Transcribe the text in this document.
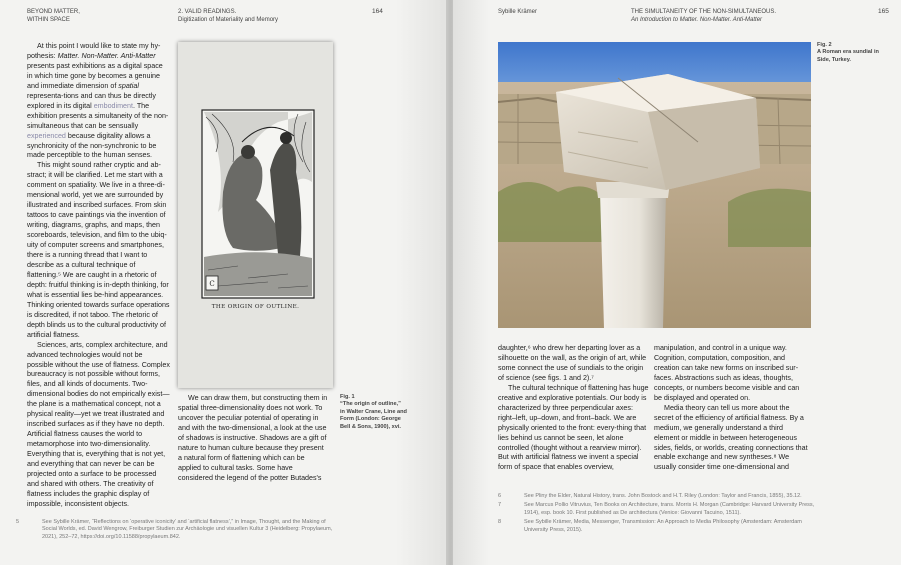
BEYOND MATTER,
WITHIN SPACE
2. VALID READINGS.
Digitization of Materiality and Memory
164

At this point I would like to state my hy-pothesis: Matter. Non-Matter. Anti-Matter presents past exhibitions as a digital space in which time gone by becomes a genuine and immediate dimension of spatial representa-tions and can thus be directly explored in its digital embodiment. The exhibition presents a simultaneity of the non-simultaneous that can be sensually experienced because digitality allows a synchronicity of the non-synchronic to be made perceptible to the human senses.

This might sound rather cryptic and ab-stract; it will be clarified. Let me start with a comment on spatiality. We live in a three-di-mensional world, yet we are surrounded by illustrated and inscribed surfaces. From skin tattoos to cave paintings via the invention of writing, diagrams, graphs, and maps, then scoreboards, television, and film to the ubiq-uity of computer screens and smartphones, there is a running thread that I want to describe as a cultural technique of flattening.⁵ We are caught in a rhetoric of depth: fruitful thinking is in-depth thinking, for what is essential lies be-hind appearances. Thinking oriented towards surface operations is discredited, if not taboo. The rhetoric of depth blinds us to the cultural productivity of artificial flatness.

Sciences, arts, complex architecture, and advanced technologies would not be possible without the use of flatness. Complex bureaucracy is not possible without forms, files, and all kinds of documents. Two-dimensional bodies do not empirically exist—the plane is a mathematical concept, not a physical reality—yet we treat illustrated and inscribed surfaces as if they have no depth. Artificial flatness causes the world to metamorphose into two-dimensionality. Everything that is, everything that is not yet, and everything that can never be can be projected onto a surface to be processed and shared with others. The creativity of flatness includes the graphic display of impossible, inconsistent objects.

C
THE ORIGIN OF OUTLINE.
Fig. 1
“The origin of outline,”
in Walter Crane, Line and
Form (London: George
Bell & Sons, 1900), xvi.

We can draw them, but constructing them in spatial three-dimensionality does not work. To uncover the peculiar potential of operating in and with the two-dimensional, a look at the use of shadows is instructive. Shadows are a gift of nature to human culture because they present a natural form of flattening which can be applied to cultural tasks. Some have considered the legend of the potter Butades's

5	See Sybille Krämer, “Reflections on ‘operative iconicity’ and ‘artificial flatness’,” in Image, Thought, and the Making of Social Worlds, ed. David Wengrow, Freiburger Studien zur Archäologie und visuellen Kultur 3 (Heidelberg: Propylaeum, 2021), 252–72, https://doi.org/10.11588/propylaeum.842.
Sybille Krämer	THE SIMULTANEITY OF THE NON-SIMULTANEOUS.
An Introduction to Matter. Non-Matter. Anti-Matter
165
Fig. 2
A Roman era sundial in
Side, Turkey.

daughter,⁶ who drew her departing lover as a silhouette on the wall, as the origin of art, while some connect the use of sundials to the origin of science (see figs. 1 and 2).⁷

The cultural technique of flattening has huge creative and explorative potentials. Our body is characterized by three perpendicular axes: right–left, up–down, and front–back. We are physically oriented to the front: every-thing that lies behind us cannot be seen, let alone controlled (thought without a rearview mirror). But with artificial flatness we invent a special form of space that enables overview,

manipulation, and control in a unique way. Cognition, computation, composition, and creation can take new forms on inscribed sur-faces. Abstractions such as ideas, thoughts, concepts, or numbers become visible and can be displayed and operated on.

Media theory can tell us more about the secret of the efficiency of artificial flatness. By a medium, we generally understand a third element or middle in between heterogeneous sides, fields, or worlds, creating connections that enable exchange and new syntheses.⁸ We usually consider time one-dimensional and

6	See Pliny the Elder, Natural History, trans. John Bostock and H.T. Riley (London: Taylor and Francis, 1855), 35.12.
7	See Marcus Pollio Vitruvius, Ten Books on Architecture, trans. Morris H. Morgan (Cambridge: Harvard University Press, 1914), esp. book 10. First published as De architectura (Venice: Giovanni Tacuino, 1511).
8	See Sybille Krämer, Media, Messenger, Transmission: An Approach to Media Philosophy (Amsterdam: Amsterdam University Press, 2015).
